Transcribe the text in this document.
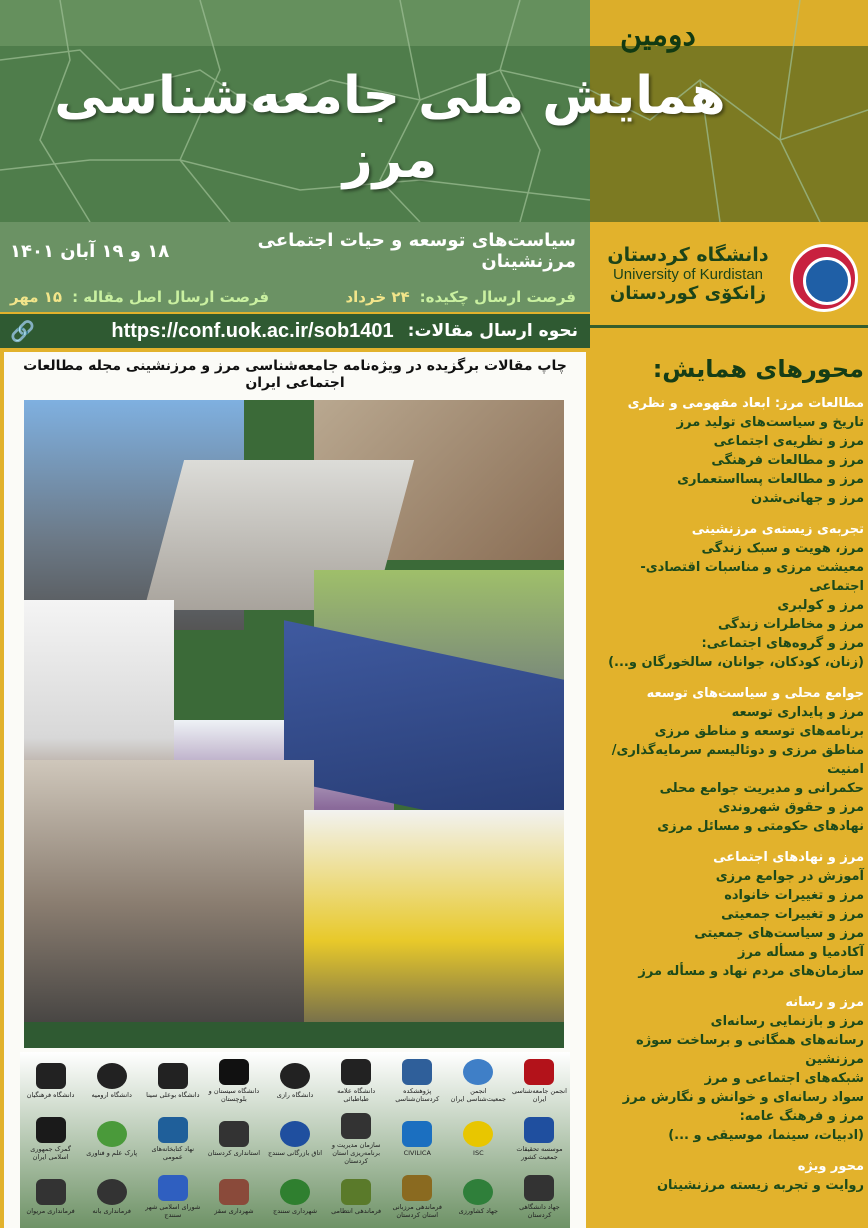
دومین
همایش ملی جامعه‌شناسی مرز
سیاست‌های توسعه و حیات اجتماعی مرزنشینان
۱۸ و ۱۹ آبان ۱۴۰۱
فرصت ارسال چکیده:۲۴ خرداد
فرصت ارسال اصل مقاله :۱۵ مهر
نحوه ارسال مقالات:
https://conf.uok.ac.ir/sob1401
🔗
دانشگاه کردستان
University of Kurdistan
زانکۆی کوردستان
چاپ مقالات برگزیده در ویژه‌نامه جامعه‌شناسی مرز و مرزنشینی مجله مطالعات اجتماعی ایران
انجمن جامعه‌شناسی ایران
انجمن جمعیت‌شناسی ایران
پژوهشکده کردستان‌شناسی
دانشگاه علامه طباطبائی
دانشگاه رازی
دانشگاه سیستان و بلوچستان
دانشگاه بوعلی سینا
دانشگاه ارومیه
دانشگاه فرهنگیان
موسسه تحقیقات جمعیت کشور
ISC
CIVILICA
سازمان مدیریت و برنامه‌ریزی استان کردستان
اتاق بازرگانی سنندج
استانداری کردستان
نهاد کتابخانه‌های عمومی
پارک علم و فناوری
گمرک جمهوری اسلامی ایران
جهاد دانشگاهی کردستان
جهاد کشاورزی
فرماندهی مرزبانی استان کردستان
فرماندهی انتظامی
شهرداری سنندج
شهرداری سقز
شورای اسلامی شهر سنندج
فرمانداری بانه
فرمانداری مریوان
محورهای همایش:
مطالعات مرز: ابعاد مفهومی و نظری
تاریخ و سیاست‌های تولید مرز
مرز و نظریه‌ی اجتماعی
مرز و مطالعات فرهنگی
مرز و مطالعات پسااستعماری
مرز و جهانی‌شدن
تجربه‌ی زیسته‌ی مرزنشینی
مرز، هویت و سبک زندگی
معیشت مرزی و مناسبات اقتصادی-اجتماعی
مرز و کولبری
مرز و مخاطرات زندگی
مرز و گروه‌های اجتماعی:
(زنان، کودکان، جوانان، سالخورگان و...)
جوامع محلی و سیاست‌های توسعه
مرز و پایداری توسعه
برنامه‌های توسعه و مناطق مرزی
مناطق مرزی و دوئالیسم سرمایه‌گذاری/امنیت
حکمرانی و مدیریت جوامع محلی
مرز و حقوق شهروندی
نهادهای حکومتی و مسائل مرزی
مرز و نهادهای اجتماعی
آموزش در جوامع مرزی
مرز و تغییرات خانواده
مرز و تغییرات جمعیتی
مرز و سیاست‌های جمعیتی
آکادمیا و مسأله مرز
سازمان‌های مردم نهاد و مسأله مرز
مرز و رسانه
مرز و بازنمایی رسانه‌ای
رسانه‌های همگانی و برساخت سوژه مرزنشین
شبکه‌های اجتماعی و مرز
سواد رسانه‌ای و خوانش و نگارش مرز
مرز و فرهنگ عامه:
(ادبیات، سینما، موسیقی و ...)
محور ویژه
روایت و تجربه زیسته مرزنشینان
